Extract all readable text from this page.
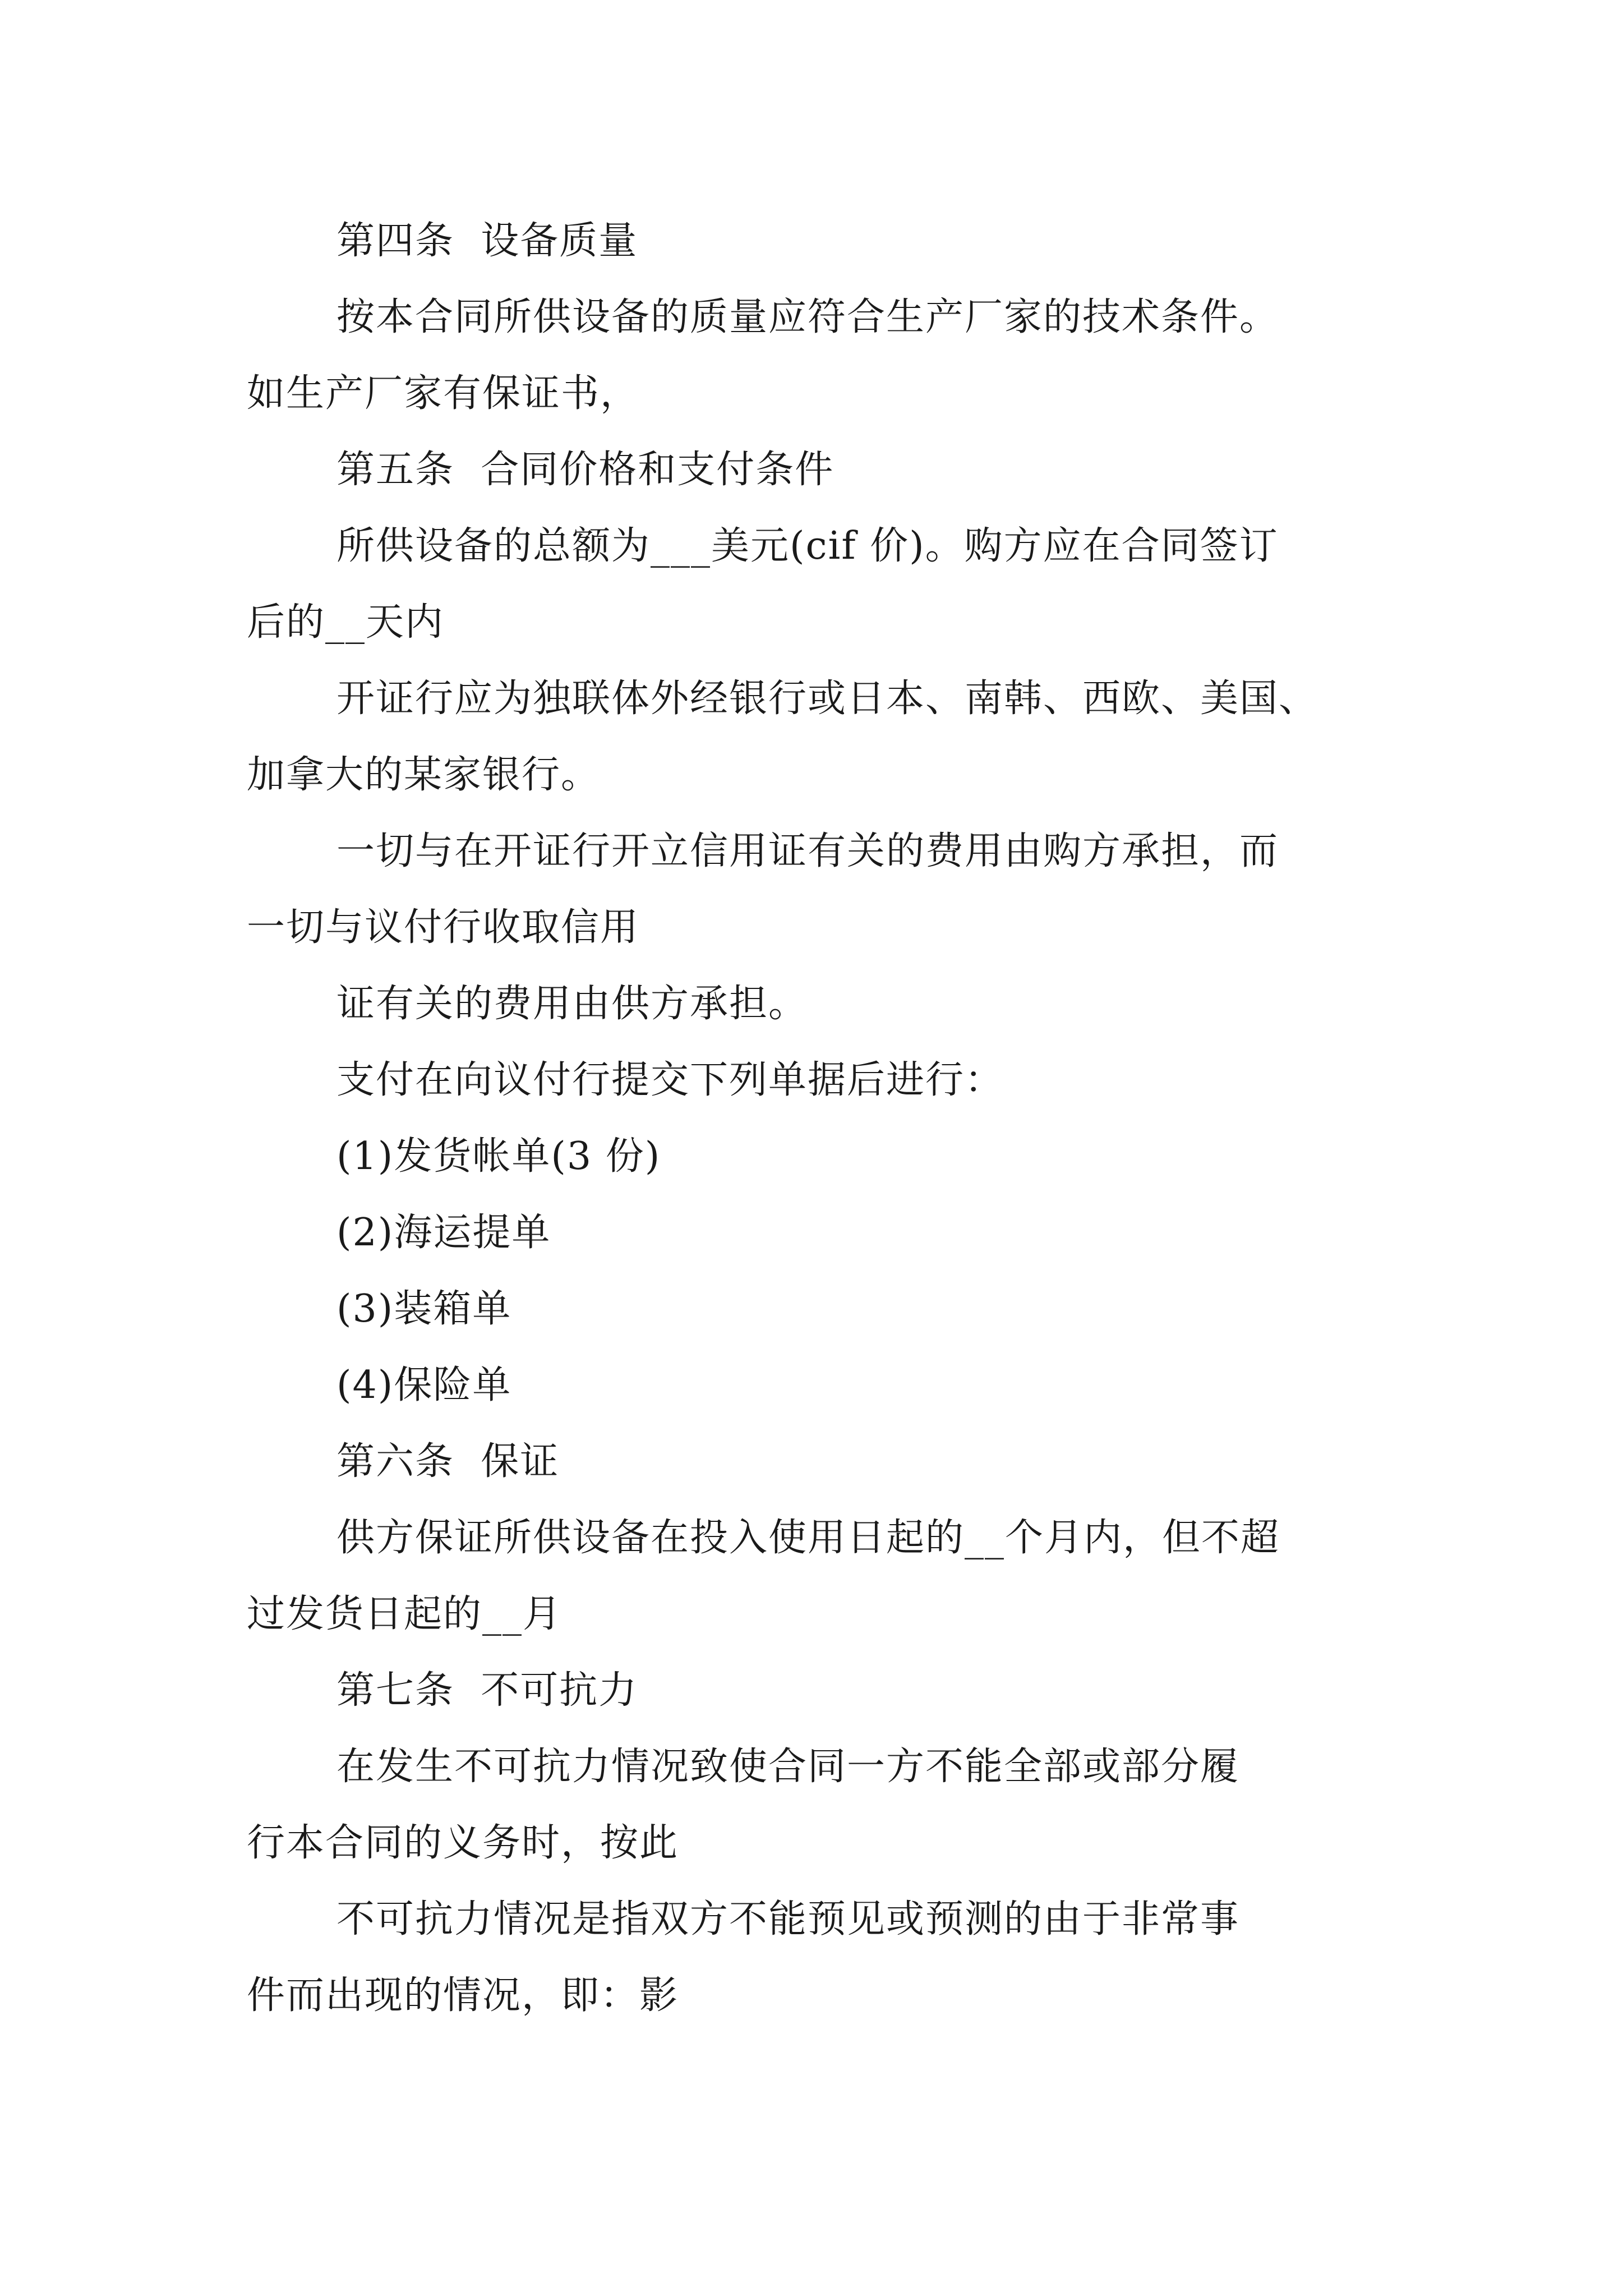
第四条  设备质量
按本合同所供设备的质量应符合生产厂家的技术条件。
如生产厂家有保证书，
第五条  合同价格和支付条件
所供设备的总额为___美元(cif 价)。购方应在合同签订
后的__天内
开证行应为独联体外经银行或日本、南韩、西欧、美国、
加拿大的某家银行。
一切与在开证行开立信用证有关的费用由购方承担，而
一切与议付行收取信用
证有关的费用由供方承担。
支付在向议付行提交下列单据后进行：
(1)发货帐单(3 份)
(2)海运提单
(3)装箱单
(4)保险单
第六条  保证
供方保证所供设备在投入使用日起的__个月内，但不超
过发货日起的__月
第七条  不可抗力
在发生不可抗力情况致使合同一方不能全部或部分履
行本合同的义务时，按此
不可抗力情况是指双方不能预见或预测的由于非常事
件而出现的情况，即：影
